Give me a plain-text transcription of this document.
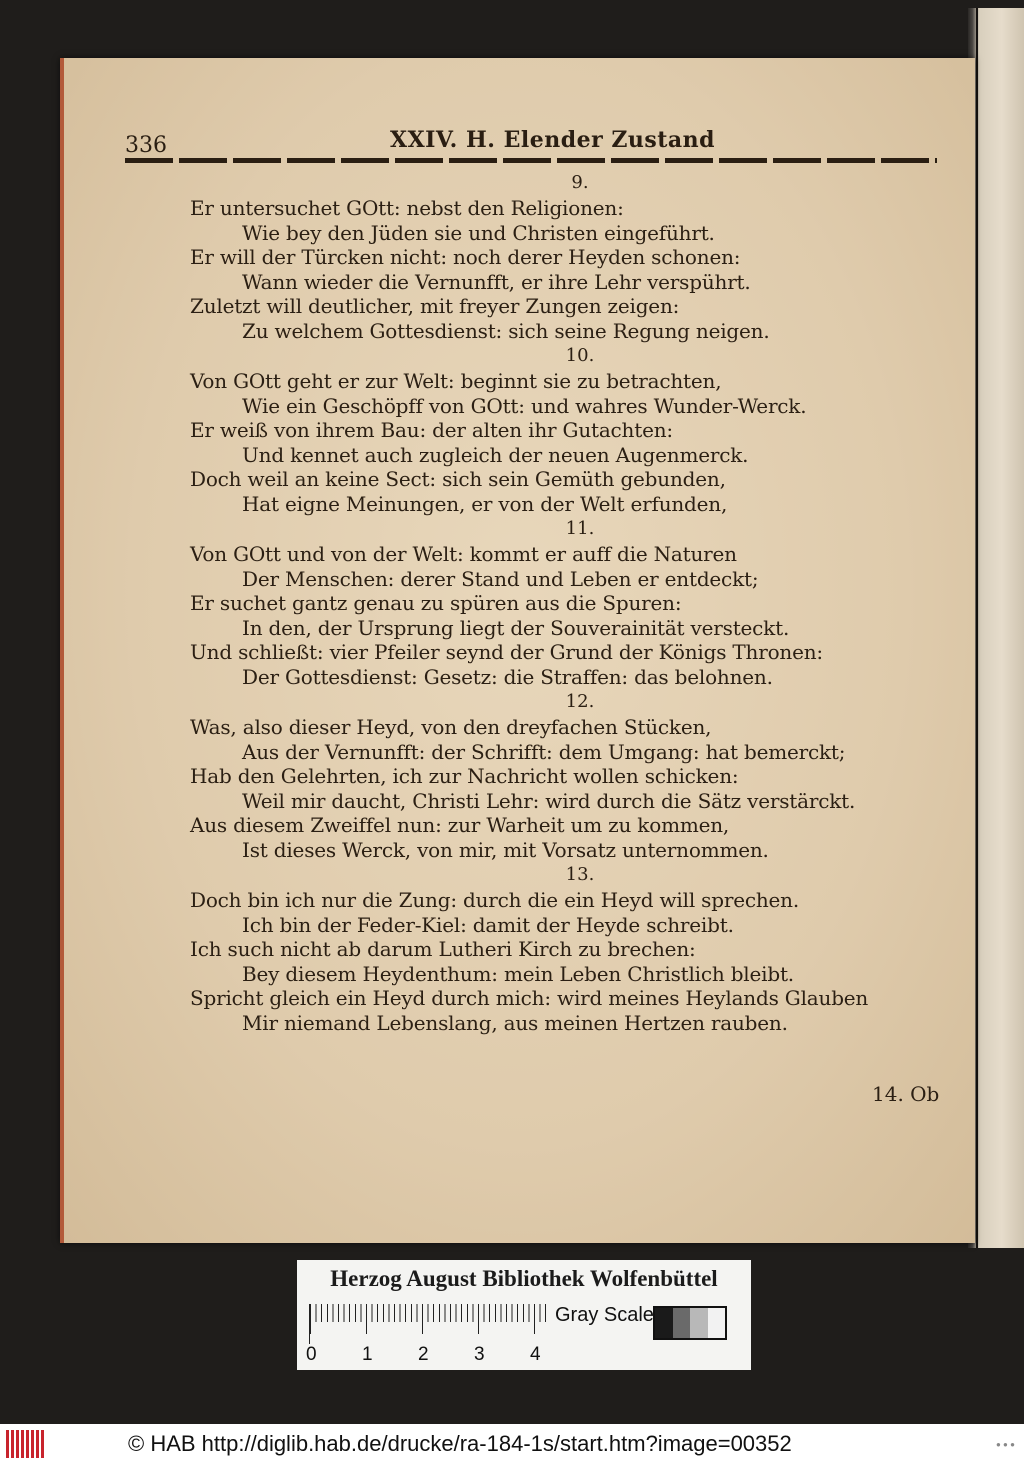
336	XXIV. H. Elender Zustand
9.
Er untersuchet GOtt: nebst den Religionen:
Wie bey den Jüden sie und Christen eingeführt.
Er will der Türcken nicht: noch derer Heyden schonen:
Wann wieder die Vernunfft, er ihre Lehr verspührt.
Zuletzt will deutlicher, mit freyer Zungen zeigen:
Zu welchem Gottesdienst: sich seine Regung neigen.
10.
Von GOtt geht er zur Welt: beginnt sie zu betrachten,
Wie ein Geschöpff von GOtt: und wahres Wunder-Werck.
Er weiß von ihrem Bau: der alten ihr Gutachten:
Und kennet auch zugleich der neuen Augenmerck.
Doch weil an keine Sect: sich sein Gemüth gebunden,
Hat eigne Meinungen, er von der Welt erfunden,
11.
Von GOtt und von der Welt: kommt er auff die Naturen
Der Menschen: derer Stand und Leben er entdeckt;
Er suchet gantz genau zu spüren aus die Spuren:
In den, der Ursprung liegt der Souverainität versteckt.
Und schließt: vier Pfeiler seynd der Grund der Königs Thronen:
Der Gottesdienst: Gesetz: die Straffen: das belohnen.
12.
Was, also dieser Heyd, von den dreyfachen Stücken,
Aus der Vernunfft: der Schrifft: dem Umgang: hat bemerckt;
Hab den Gelehrten, ich zur Nachricht wollen schicken:
Weil mir daucht, Christi Lehr: wird durch die Sätz verstärckt.
Aus diesem Zweiffel nun: zur Warheit um zu kommen,
Ist dieses Werck, von mir, mit Vorsatz unternommen.
13.
Doch bin ich nur die Zung: durch die ein Heyd will sprechen.
Ich bin der Feder-Kiel: damit der Heyde schreibt.
Ich such nicht ab darum Lutheri Kirch zu brechen:
Bey diesem Heydenthum: mein Leben Christlich bleibt.
Spricht gleich ein Heyd durch mich: wird meines Heylands Glauben
Mir niemand Lebenslang, aus meinen Hertzen rauben.
14. Ob
Herzog August Bibliothek Wolfenbüttel
0 1 2 3 4
Gray Scale
© HAB http://diglib.hab.de/drucke/ra-184-1s/start.htm?image=00352	● ● ●
